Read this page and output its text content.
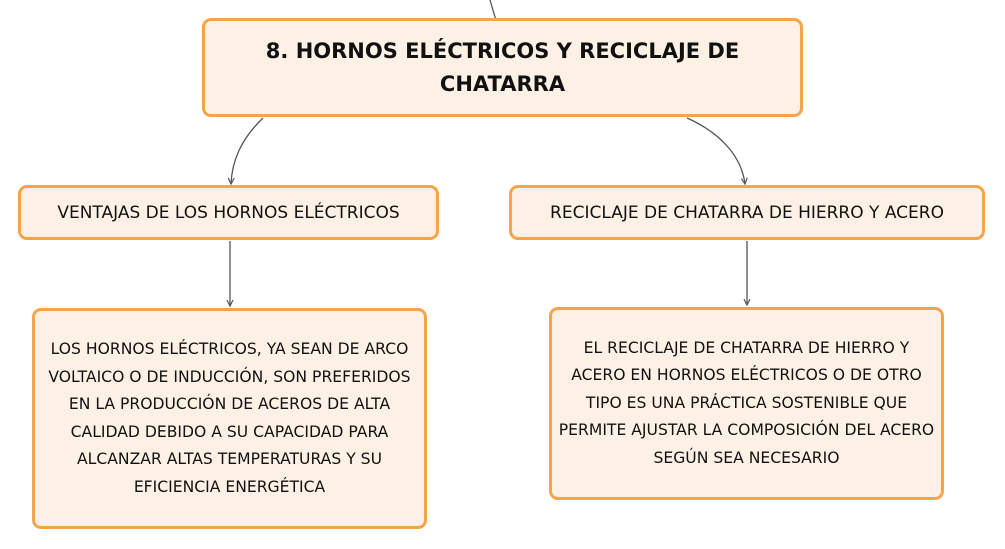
8. HORNOS ELÉCTRICOS Y RECICLAJE DE CHATARRA
VENTAJAS DE LOS HORNOS ELÉCTRICOS	RECICLAJE DE CHATARRA DE HIERRO Y ACERO
LOS HORNOS ELÉCTRICOS, YA SEAN DE ARCO VOLTAICO O DE INDUCCIÓN, SON PREFERIDOS EN LA PRODUCCIÓN DE ACEROS DE ALTA CALIDAD DEBIDO A SU CAPACIDAD PARA ALCANZAR ALTAS TEMPERATURAS Y SU EFICIENCIA ENERGÉTICA
EL RECICLAJE DE CHATARRA DE HIERRO Y ACERO EN HORNOS ELÉCTRICOS O DE OTRO TIPO ES UNA PRÁCTICA SOSTENIBLE QUE PERMITE AJUSTAR LA COMPOSICIÓN DEL ACERO SEGÚN SEA NECESARIO
